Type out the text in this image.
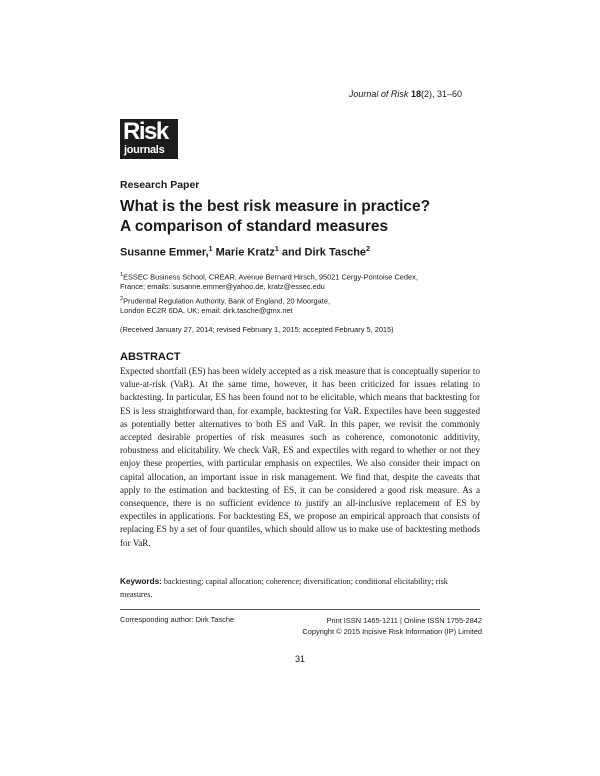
Journal of Risk 18(2), 31–60
Risk
journals
Research Paper
What is the best risk measure in practice?
A comparison of standard measures
Susanne Emmer,$^1$ Marie Kratz$^1$ and Dirk Tasche$^2$
$^1$ESSEC Business School, CREAR, Avenue Bernard Hirsch, 95021 Cergy-Pontoise Cedex,
France; emails: susanne.emmer@yahoo.de, kratz@essec.edu
$^2$Prudential Regulation Authority, Bank of England, 20 Moorgate,
London EC2R 6DA, UK; email: dirk.tasche@gmx.net
(Received January 27, 2014; revised February 1, 2015; accepted February 5, 2015)
ABSTRACT

Expected shortfall (ES) has been widely accepted as a risk measure that is conceptually superior to value-at-risk (VaR). At the same time, however, it has been criticized for issues relating to backtesting. In particular, ES has been found not to be elicitable, which means that backtesting for ES is less straightforward than, for example, backtesting for VaR. Expectiles have been suggested as potentially better alternatives to both ES and VaR. In this paper, we revisit the commonly accepted desirable properties of risk measures such as coherence, comonotonic additivity, robustness and elicitability. We check VaR, ES and expectiles with regard to whether or not they enjoy these properties, with particular emphasis on expectiles. We also consider their impact on capital allocation, an important issue in risk management. We find that, despite the caveats that apply to the estimation and backtesting of ES, it can be considered a good risk measure. As a consequence, there is no sufficient evidence to justify an all-inclusive replacement of ES by expectiles in applications. For backtesting ES, we propose an empirical approach that consists of replacing ES by a set of four quantiles, which should allow us to make use of backtesting methods for VaR.

Keywords: backtesting; capital allocation; coherence; diversification; conditional elicitability; risk measures.
Corresponding author: Dirk Tasche	Print ISSN 1465-1211 | Online ISSN 1755-2842
Copyright © 2015 Incisive Risk Information (IP) Limited
31
